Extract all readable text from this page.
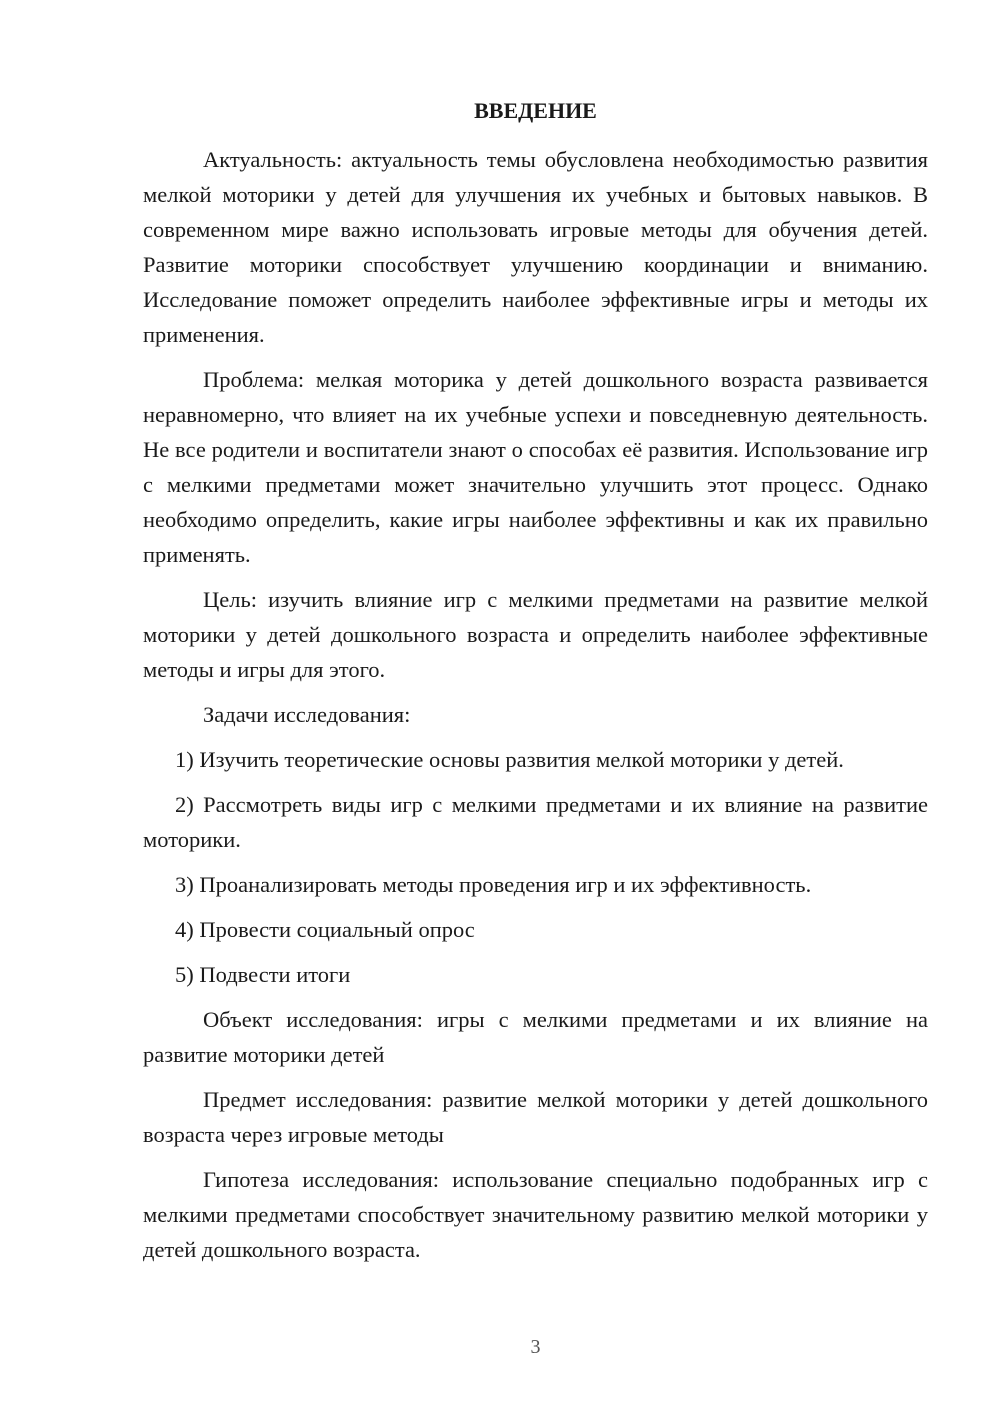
ВВЕДЕНИЕ

Актуальность: актуальность темы обусловлена необходимостью развития мелкой моторики у детей для улучшения их учебных и бытовых навыков. В современном мире важно использовать игровые методы для обучения детей. Развитие моторики способствует улучшению координации и вниманию. Исследование поможет определить наиболее эффективные игры и методы их применения.

Проблема: мелкая моторика у детей дошкольного возраста развивается неравномерно, что влияет на их учебные успехи и повседневную деятельность. Не все родители и воспитатели знают о способах её развития. Использование игр с мелкими предметами может значительно улучшить этот процесс. Однако необходимо определить, какие игры наиболее эффективны и как их правильно применять.

Цель: изучить влияние игр с мелкими предметами на развитие мелкой моторики у детей дошкольного возраста и определить наиболее эффективные методы и игры для этого.

Задачи исследования:

1) Изучить теоретические основы развития мелкой моторики у детей.

2) Рассмотреть виды игр с мелкими предметами и их влияние на развитие моторики.

3) Проанализировать методы проведения игр и их эффективность.

4) Провести социальный опрос

5) Подвести итоги

Объект исследования: игры с мелкими предметами и их влияние на развитие моторики детей

Предмет исследования: развитие мелкой моторики у детей дошкольного возраста через игровые методы

Гипотеза исследования: использование специально подобранных игр с мелкими предметами способствует значительному развитию мелкой моторики у детей дошкольного возраста.

3
